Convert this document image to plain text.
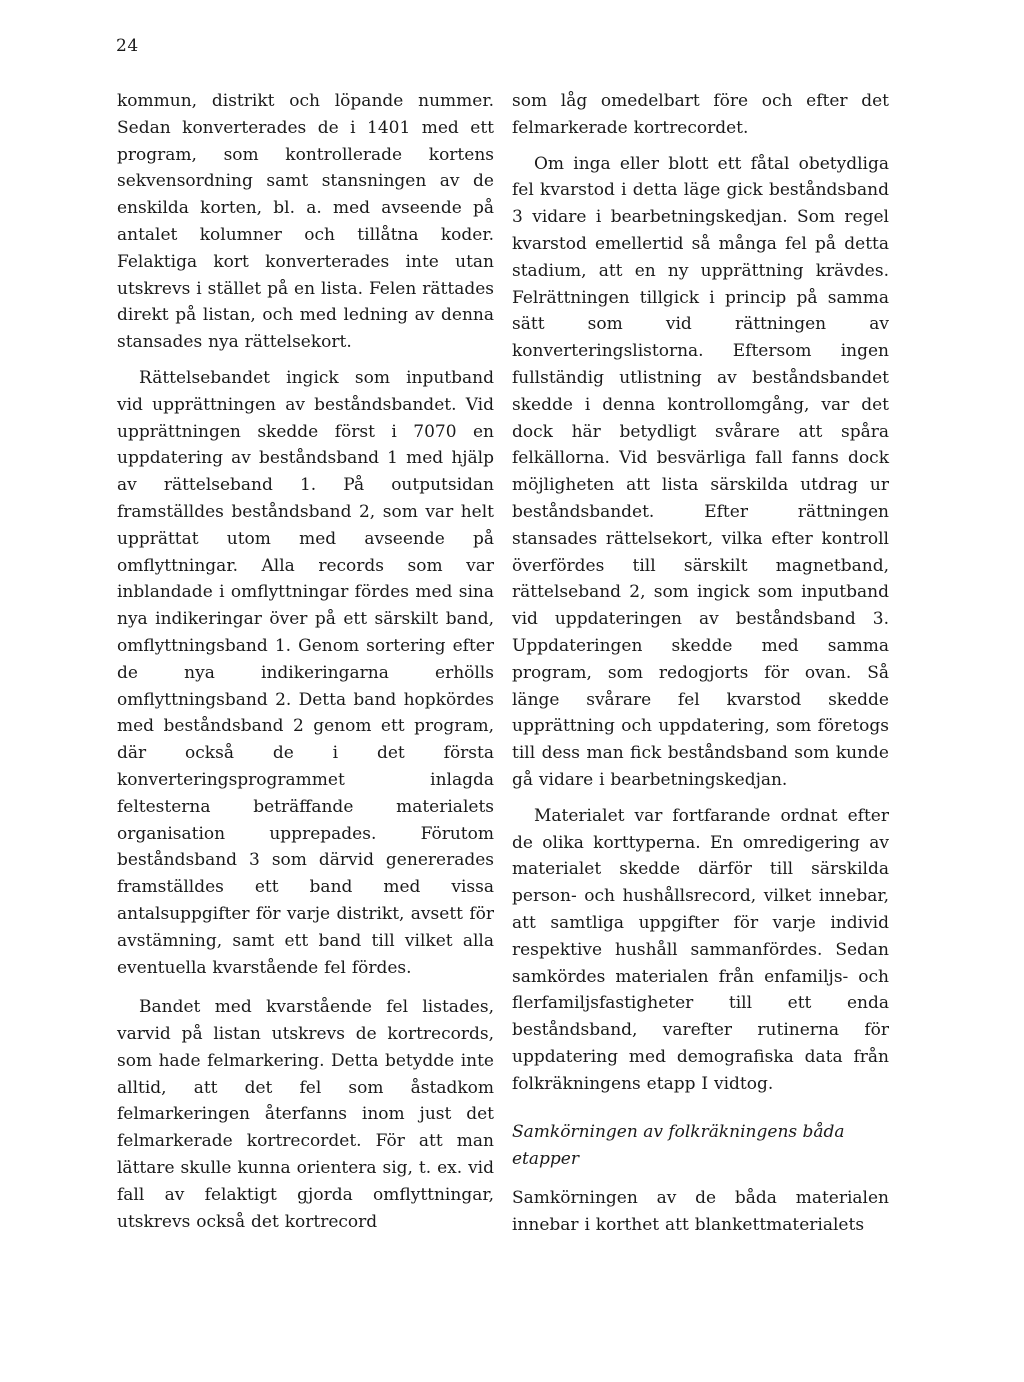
24

kommun, distrikt och löpande nummer. Sedan konverterades de i 1401 med ett program, som kontrollerade kortens sekvensordning samt stansningen av de enskilda korten, bl. a. med avseende på antalet kolumner och tillåtna koder. Felaktiga kort konverterades inte utan utskrevs i stället på en lista. Felen rättades direkt på listan, och med ledning av denna stansades nya rättelsekort.

Rättelsebandet ingick som inputband vid upprättningen av beståndsbandet. Vid upprättningen skedde först i 7070 en uppdatering av beståndsband 1 med hjälp av rättelseband 1. På outputsidan framställdes beståndsband 2, som var helt upprättat utom med avseende på omflyttningar. Alla records som var inblandade i omflyttningar fördes med sina nya indikeringar över på ett särskilt band, omflyttningsband 1. Genom sortering efter de nya indikeringarna erhölls omflyttningsband 2. Detta band hopkördes med beståndsband 2 genom ett program, där också de i det första konverteringsprogrammet inlagda feltesterna beträffande materialets organisation upprepades. Förutom beståndsband 3 som därvid genererades framställdes ett band med vissa antalsuppgifter för varje distrikt, avsett för avstämning, samt ett band till vilket alla eventuella kvarstående fel fördes.

Bandet med kvarstående fel listades, varvid på listan utskrevs de kortrecords, som hade felmarkering. Detta betydde inte alltid, att det fel som åstadkom felmarkeringen återfanns inom just det felmarkerade kortrecordet. För att man lättare skulle kunna orientera sig, t. ex. vid fall av felaktigt gjorda omflyttningar, utskrevs också det kortrecord

som låg omedelbart före och efter det felmarkerade kortrecordet.

Om inga eller blott ett fåtal obetydliga fel kvarstod i detta läge gick beståndsband 3 vidare i bearbetningskedjan. Som regel kvarstod emellertid så många fel på detta stadium, att en ny upprättning krävdes. Felrättningen tillgick i princip på samma sätt som vid rättningen av konverteringslistorna. Eftersom ingen fullständig utlistning av beståndsbandet skedde i denna kontrollomgång, var det dock här betydligt svårare att spåra felkällorna. Vid besvärliga fall fanns dock möjligheten att lista särskilda utdrag ur beståndsbandet. Efter rättningen stansades rättelsekort, vilka efter kontroll överfördes till särskilt magnetband, rättelseband 2, som ingick som inputband vid uppdateringen av beståndsband 3. Uppdateringen skedde med samma program, som redogjorts för ovan. Så länge svårare fel kvarstod skedde upprättning och uppdatering, som företogs till dess man fick beståndsband som kunde gå vidare i bearbetningskedjan.

Materialet var fortfarande ordnat efter de olika korttyperna. En omredigering av materialet skedde därför till särskilda person- och hushållsrecord, vilket innebar, att samtliga uppgifter för varje individ respektive hushåll sammanfördes. Sedan samkördes materialen från enfamiljs- och flerfamiljsfastigheter till ett enda beståndsband, varefter rutinerna för uppdatering med demografiska data från folkräkningens etapp I vidtog.

Samkörningen av folkräkningens båda etapper

Samkörningen av de båda materialen innebar i korthet att blankettmaterialets
